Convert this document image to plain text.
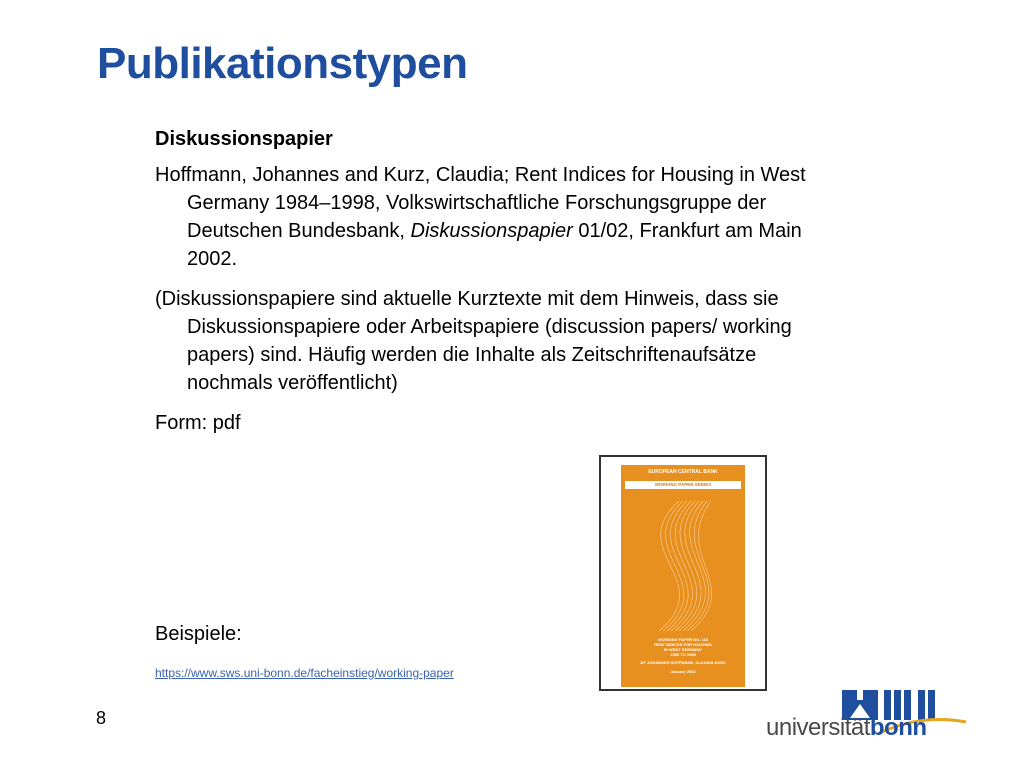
Publikationstypen

Diskussionspapier

Hoffmann, Johannes and Kurz, Claudia; Rent Indices for Housing in West Germany 1984–1998, Volkswirtschaftliche Forschungsgruppe der Deutschen Bundesbank, Diskussionspapier 01/02, Frankfurt am Main 2002.

(Diskussionspapiere sind aktuelle Kurztexte mit dem Hinweis, dass sie Diskussionspapiere oder Arbeitspapiere (discussion papers/ working papers) sind. Häufig werden die Inhalte als Zeitschriftenaufsätze nochmals veröffentlicht)

Form: pdf

Beispiele:
https://www.sws.uni-bonn.de/facheinstieg/working-paper
EUROPEAN CENTRAL BANK
WORKING PAPER SERIES
WORKING PAPER NO. 116
RENT INDICES FOR HOUSING
IN WEST GERMANY
1985 TO 1998
BY JOHANNES HOFFMANN, CLAUDIA KURZ
January 2002
8	universitätbonn
